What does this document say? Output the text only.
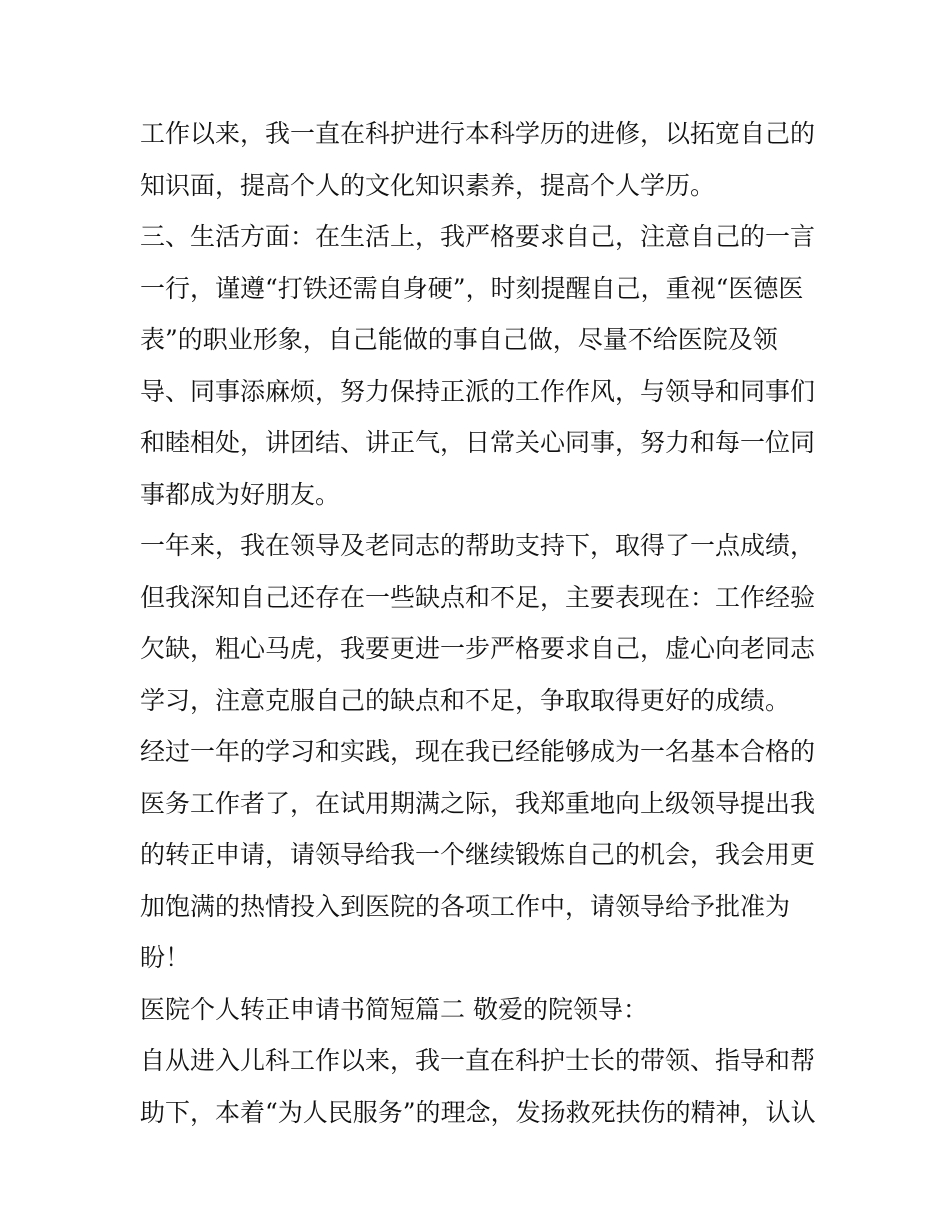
工作以来，我一直在科护进行本科学历的进修，以拓宽自己的
知识面，提高个人的文化知识素养，提高个人学历。
三、生活方面：在生活上，我严格要求自己，注意自己的一言
一行，谨遵“打铁还需自身硬”，时刻提醒自己，重视“医德医
表”的职业形象，自己能做的事自己做，尽量不给医院及领
导、同事添麻烦，努力保持正派的工作作风，与领导和同事们
和睦相处，讲团结、讲正气，日常关心同事，努力和每一位同
事都成为好朋友。
一年来，我在领导及老同志的帮助支持下，取得了一点成绩，
但我深知自己还存在一些缺点和不足，主要表现在：工作经验
欠缺，粗心马虎，我要更进一步严格要求自己，虚心向老同志
学习，注意克服自己的缺点和不足，争取取得更好的成绩。
经过一年的学习和实践，现在我已经能够成为一名基本合格的
医务工作者了，在试用期满之际，我郑重地向上级领导提出我
的转正申请，请领导给我一个继续锻炼自己的机会，我会用更
加饱满的热情投入到医院的各项工作中，请领导给予批准为
盼！
医院个人转正申请书简短篇二 敬爱的院领导：
自从进入儿科工作以来，我一直在科护士长的带领、指导和帮
助下，本着“为人民服务”的理念，发扬救死扶伤的精神，认认
